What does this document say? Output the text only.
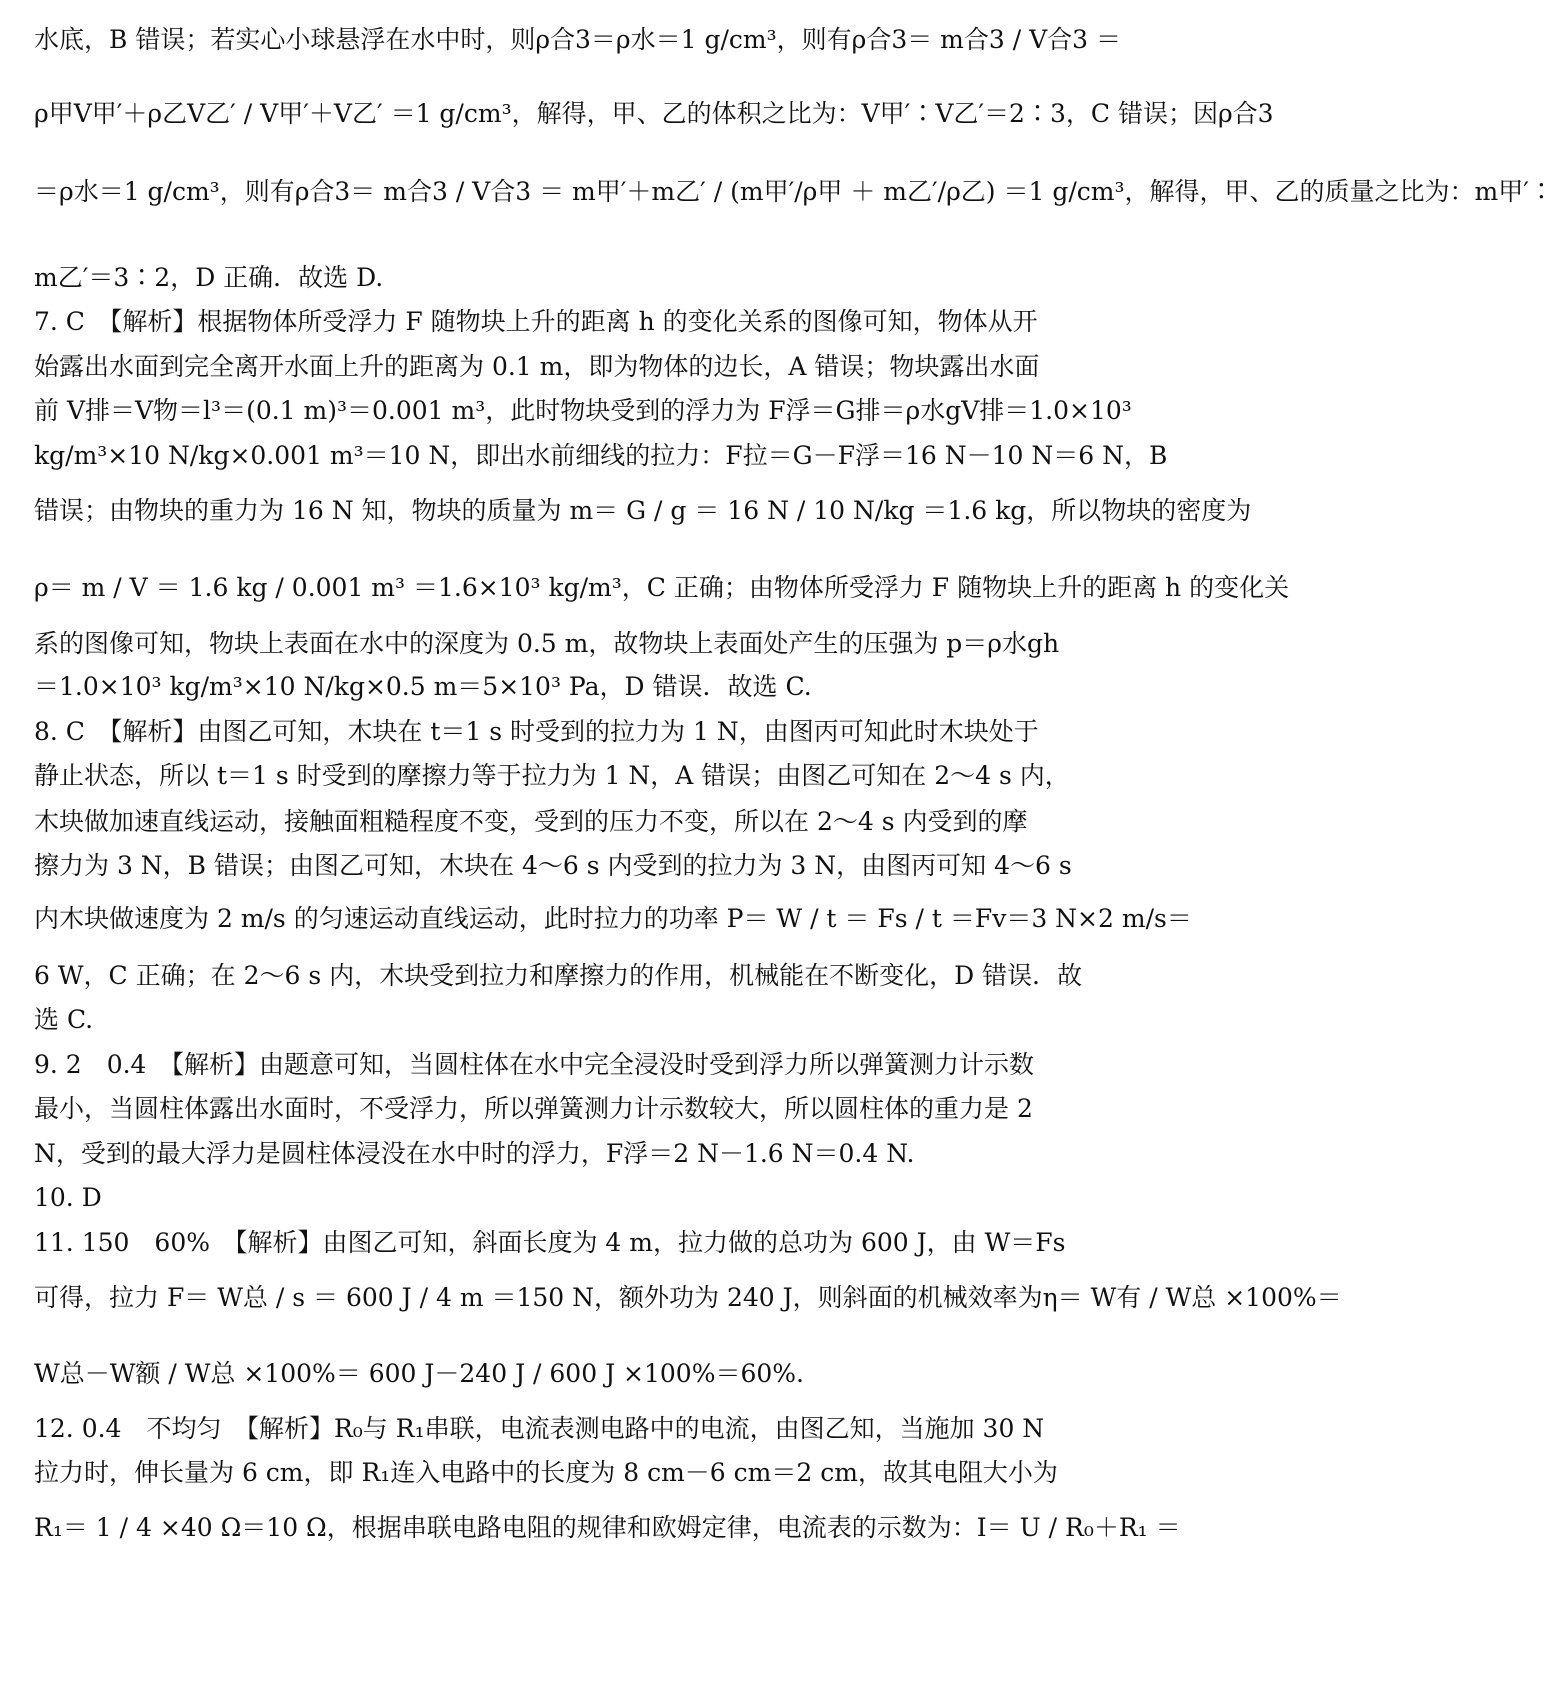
水底，B 错误；若实心小球悬浮在水中时，则ρ合3＝ρ水＝1 g/cm³，则有ρ合3＝ m合3 / V合3 ＝
ρ甲V甲′＋ρ乙V乙′ / V甲′＋V乙′ ＝1 g/cm³，解得，甲、乙的体积之比为：V甲′∶V乙′＝2∶3，C 错误；因ρ合3
＝ρ水＝1 g/cm³，则有ρ合3＝ m合3 / V合3 ＝ m甲′＋m乙′ / (m甲′/ρ甲 ＋ m乙′/ρ乙) ＝1 g/cm³，解得，甲、乙的质量之比为：m甲′∶
m乙′＝3∶2，D 正确．故选 D.
7. C　【解析】根据物体所受浮力 F 随物块上升的距离 h 的变化关系的图像可知，物体从开
始露出水面到完全离开水面上升的距离为 0.1 m，即为物体的边长，A 错误；物块露出水面
前 V排＝V物＝l³＝(0.1 m)³＝0.001 m³，此时物块受到的浮力为 F浮＝G排＝ρ水gV排＝1.0×10³
kg/m³×10 N/kg×0.001 m³＝10 N，即出水前细线的拉力：F拉＝G－F浮＝16 N－10 N＝6 N，B
错误；由物块的重力为 16 N 知，物块的质量为 m＝ G / g ＝ 16 N / 10 N/kg ＝1.6 kg，所以物块的密度为
ρ＝ m / V ＝ 1.6 kg / 0.001 m³ ＝1.6×10³ kg/m³，C 正确；由物体所受浮力 F 随物块上升的距离 h 的变化关
系的图像可知，物块上表面在水中的深度为 0.5 m，故物块上表面处产生的压强为 p＝ρ水gh
＝1.0×10³ kg/m³×10 N/kg×0.5 m＝5×10³ Pa，D 错误．故选 C.
8. C　【解析】由图乙可知，木块在 t＝1 s 时受到的拉力为 1 N，由图丙可知此时木块处于
静止状态，所以 t＝1 s 时受到的摩擦力等于拉力为 1 N，A 错误；由图乙可知在 2～4 s 内，
木块做加速直线运动，接触面粗糙程度不变，受到的压力不变，所以在 2～4 s 内受到的摩
擦力为 3 N，B 错误；由图乙可知，木块在 4～6 s 内受到的拉力为 3 N，由图丙可知 4～6 s
内木块做速度为 2 m/s 的匀速运动直线运动，此时拉力的功率 P＝ W / t ＝ Fs / t ＝Fv＝3 N×2 m/s＝
6 W，C 正确；在 2～6 s 内，木块受到拉力和摩擦力的作用，机械能在不断变化，D 错误．故
选 C.
9. 2　0.4　【解析】由题意可知，当圆柱体在水中完全浸没时受到浮力所以弹簧测力计示数
最小，当圆柱体露出水面时，不受浮力，所以弹簧测力计示数较大，所以圆柱体的重力是 2
N，受到的最大浮力是圆柱体浸没在水中时的浮力，F浮＝2 N－1.6 N＝0.4 N.
10. D
11. 150　60%　【解析】由图乙可知，斜面长度为 4 m，拉力做的总功为 600 J，由 W＝Fs
可得，拉力 F＝ W总 / s ＝ 600 J / 4 m ＝150 N，额外功为 240 J，则斜面的机械效率为η＝ W有 / W总 ×100%＝
W总－W额 / W总 ×100%＝ 600 J－240 J / 600 J ×100%＝60%.
12. 0.4　不均匀　【解析】R₀与 R₁串联，电流表测电路中的电流，由图乙知，当施加 30 N
拉力时，伸长量为 6 cm，即 R₁连入电路中的长度为 8 cm－6 cm＝2 cm，故其电阻大小为
R₁＝ 1 / 4 ×40 Ω＝10 Ω，根据串联电路电阻的规律和欧姆定律，电流表的示数为：I＝ U / R₀＋R₁ ＝
